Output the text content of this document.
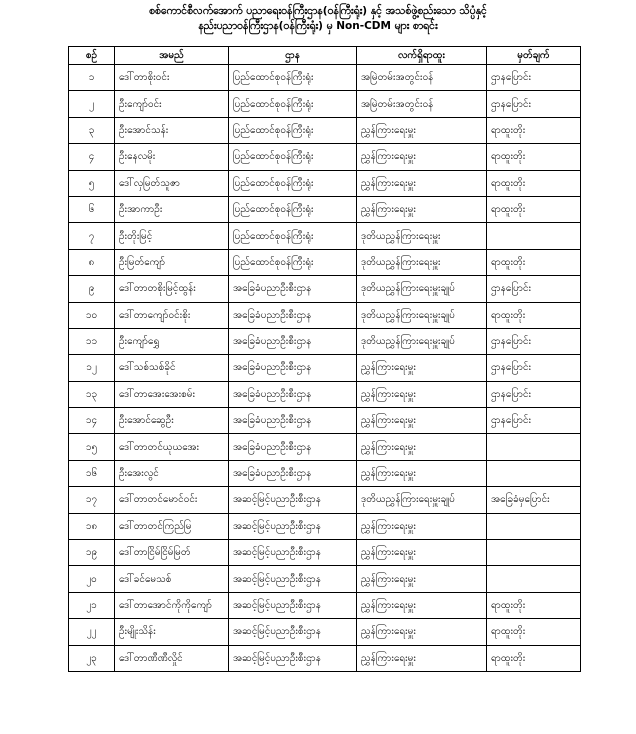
စစ်ကောင်စီလက်အောက် ပညာရေးဝန်ကြီးဌာန(ဝန်ကြီးရုံး) နှင့် အသစ်ဖွဲ့စည်းသော သိပ္ပံနှင့်
နည်းပညာဝန်ကြီးဌာန(ဝန်ကြီးရုံး) မှ Non-CDM များ စာရင်း
စဥ်	အမည်	ဌာန	လက်ရှိရာထူး	မှတ်ချက်
၁	ဒေါ်တာစိုးဝင်း	ပြည်ထောင်စုဝန်ကြီးရုံး	အမြဲတမ်းအတွင်းဝန်	ဌာနပြောင်း
၂	ဦးကျော်ဝင်း	ပြည်ထောင်စုဝန်ကြီးရုံး	အမြဲတမ်းအတွင်းဝန်	ဌာနပြောင်း
၃	ဦးအောင်သန်း	ပြည်ထောင်စုဝန်ကြီးရုံး	ညွှန်ကြားရေးမှူး	ရာထူးတိုး
၄	ဦးနေလမိုး	ပြည်ထောင်စုဝန်ကြီးရုံး	ညွှန်ကြားရေးမှူး	ရာထူးတိုး
၅	ဒေါ်လှမြတ်သူဇာ	ပြည်ထောင်စုဝန်ကြီးရုံး	ညွှန်ကြားရေးမှူး	ရာထူးတိုး
၆	ဦးအာကာဦး	ပြည်ထောင်စုဝန်ကြီးရုံး	ညွှန်ကြားရေးမှူး	ရာထူးတိုး
၇	ဦးတိုးမြင့်	ပြည်ထောင်စုဝန်ကြီးရုံး	ဒုတိယညွှန်ကြားရေးမှူး	
၈	ဦးမြတ်ကျော်	ပြည်ထောင်စုဝန်ကြီးရုံး	ဒုတိယညွှန်ကြားရေးမှူး	ရာထူးတိုး
၉	ဒေါ်တာတစိုးမြင့်ထွန်း	အခြေခံပညာဦးစီးဌာန	ဒုတိယညွှန်ကြားရေးမှူးချုပ်	ဌာနပြောင်း
၁၀	ဒေါ်တာကျော်ဝင်းစိုး	အခြေခံပညာဦးစီးဌာန	ဒုတိယညွှန်ကြားရေးမှူးချုပ်	ရာထူးတိုး
၁၁	ဦးကျော်ရွှေ	အခြေခံပညာဦးစီးဌာန	ဒုတိယညွှန်ကြားရေးမှူးချုပ်	ဌာနပြောင်း
၁၂	ဒေါ်သစ်သစ်ခိုင်	အခြေခံပညာဦးစီးဌာန	ညွှန်ကြားရေးမှူး	ဌာနပြောင်း
၁၃	ဒေါ်တာအေးအေးစမ်း	အခြေခံပညာဦးစီးဌာန	ညွှန်ကြားရေးမှူး	ဌာနပြောင်း
၁၄	ဦးအောင်ဆွေဦး	အခြေခံပညာဦးစီးဌာန	ညွှန်ကြားရေးမှူး	ဌာနပြောင်း
၁၅	ဒေါ်တာတင်ယုယအေး	အခြေခံပညာဦးစီးဌာန	ညွှန်ကြားရေးမှူး	
၁၆	ဦးအေးလွင်	အခြေခံပညာဦးစီးဌာန	ညွှန်ကြားရေးမှူး	
၁၇	ဒေါ်တာတင်မောင်ဝင်း	အဆင့်မြင့်ပညာဦးစီးဌာန	ဒုတိယညွှန်ကြားရေးမှူးချုပ်	အခြေခံမှပြောင်း
၁၈	ဒေါ်တာတင်ကြည်မြ	အဆင့်မြင့်ပညာဦးစီးဌာန	ညွှန်ကြားရေးမှူး	
၁၉	ဒေါ်တာငြိမ်ငြိမ်မြတ်	အဆင့်မြင့်ပညာဦးစီးဌာန	ညွှန်ကြားရေးမှူး	
၂၀	ဒေါ်ခင်မေသစ်	အဆင့်မြင့်ပညာဦးစီးဌာန	ညွှန်ကြားရေးမှူး	
၂၁	ဒေါ်တာအောင်ကိုကိုကျော်	အဆင့်မြင့်ပညာဦးစီးဌာန	ညွှန်ကြားရေးမှူး	ရာထူးတိုး
၂၂	ဦးမျိုးသိန်း	အဆင့်မြင့်ပညာဦးစီးဌာန	ညွှန်ကြားရေးမှူး	ရာထူးတိုး
၂၃	ဒေါ်တာဏီဏီလှိုင်	အဆင့်မြင့်ပညာဦးစီးဌာန	ညွှန်ကြားရေးမှူး	ရာထူးတိုး
